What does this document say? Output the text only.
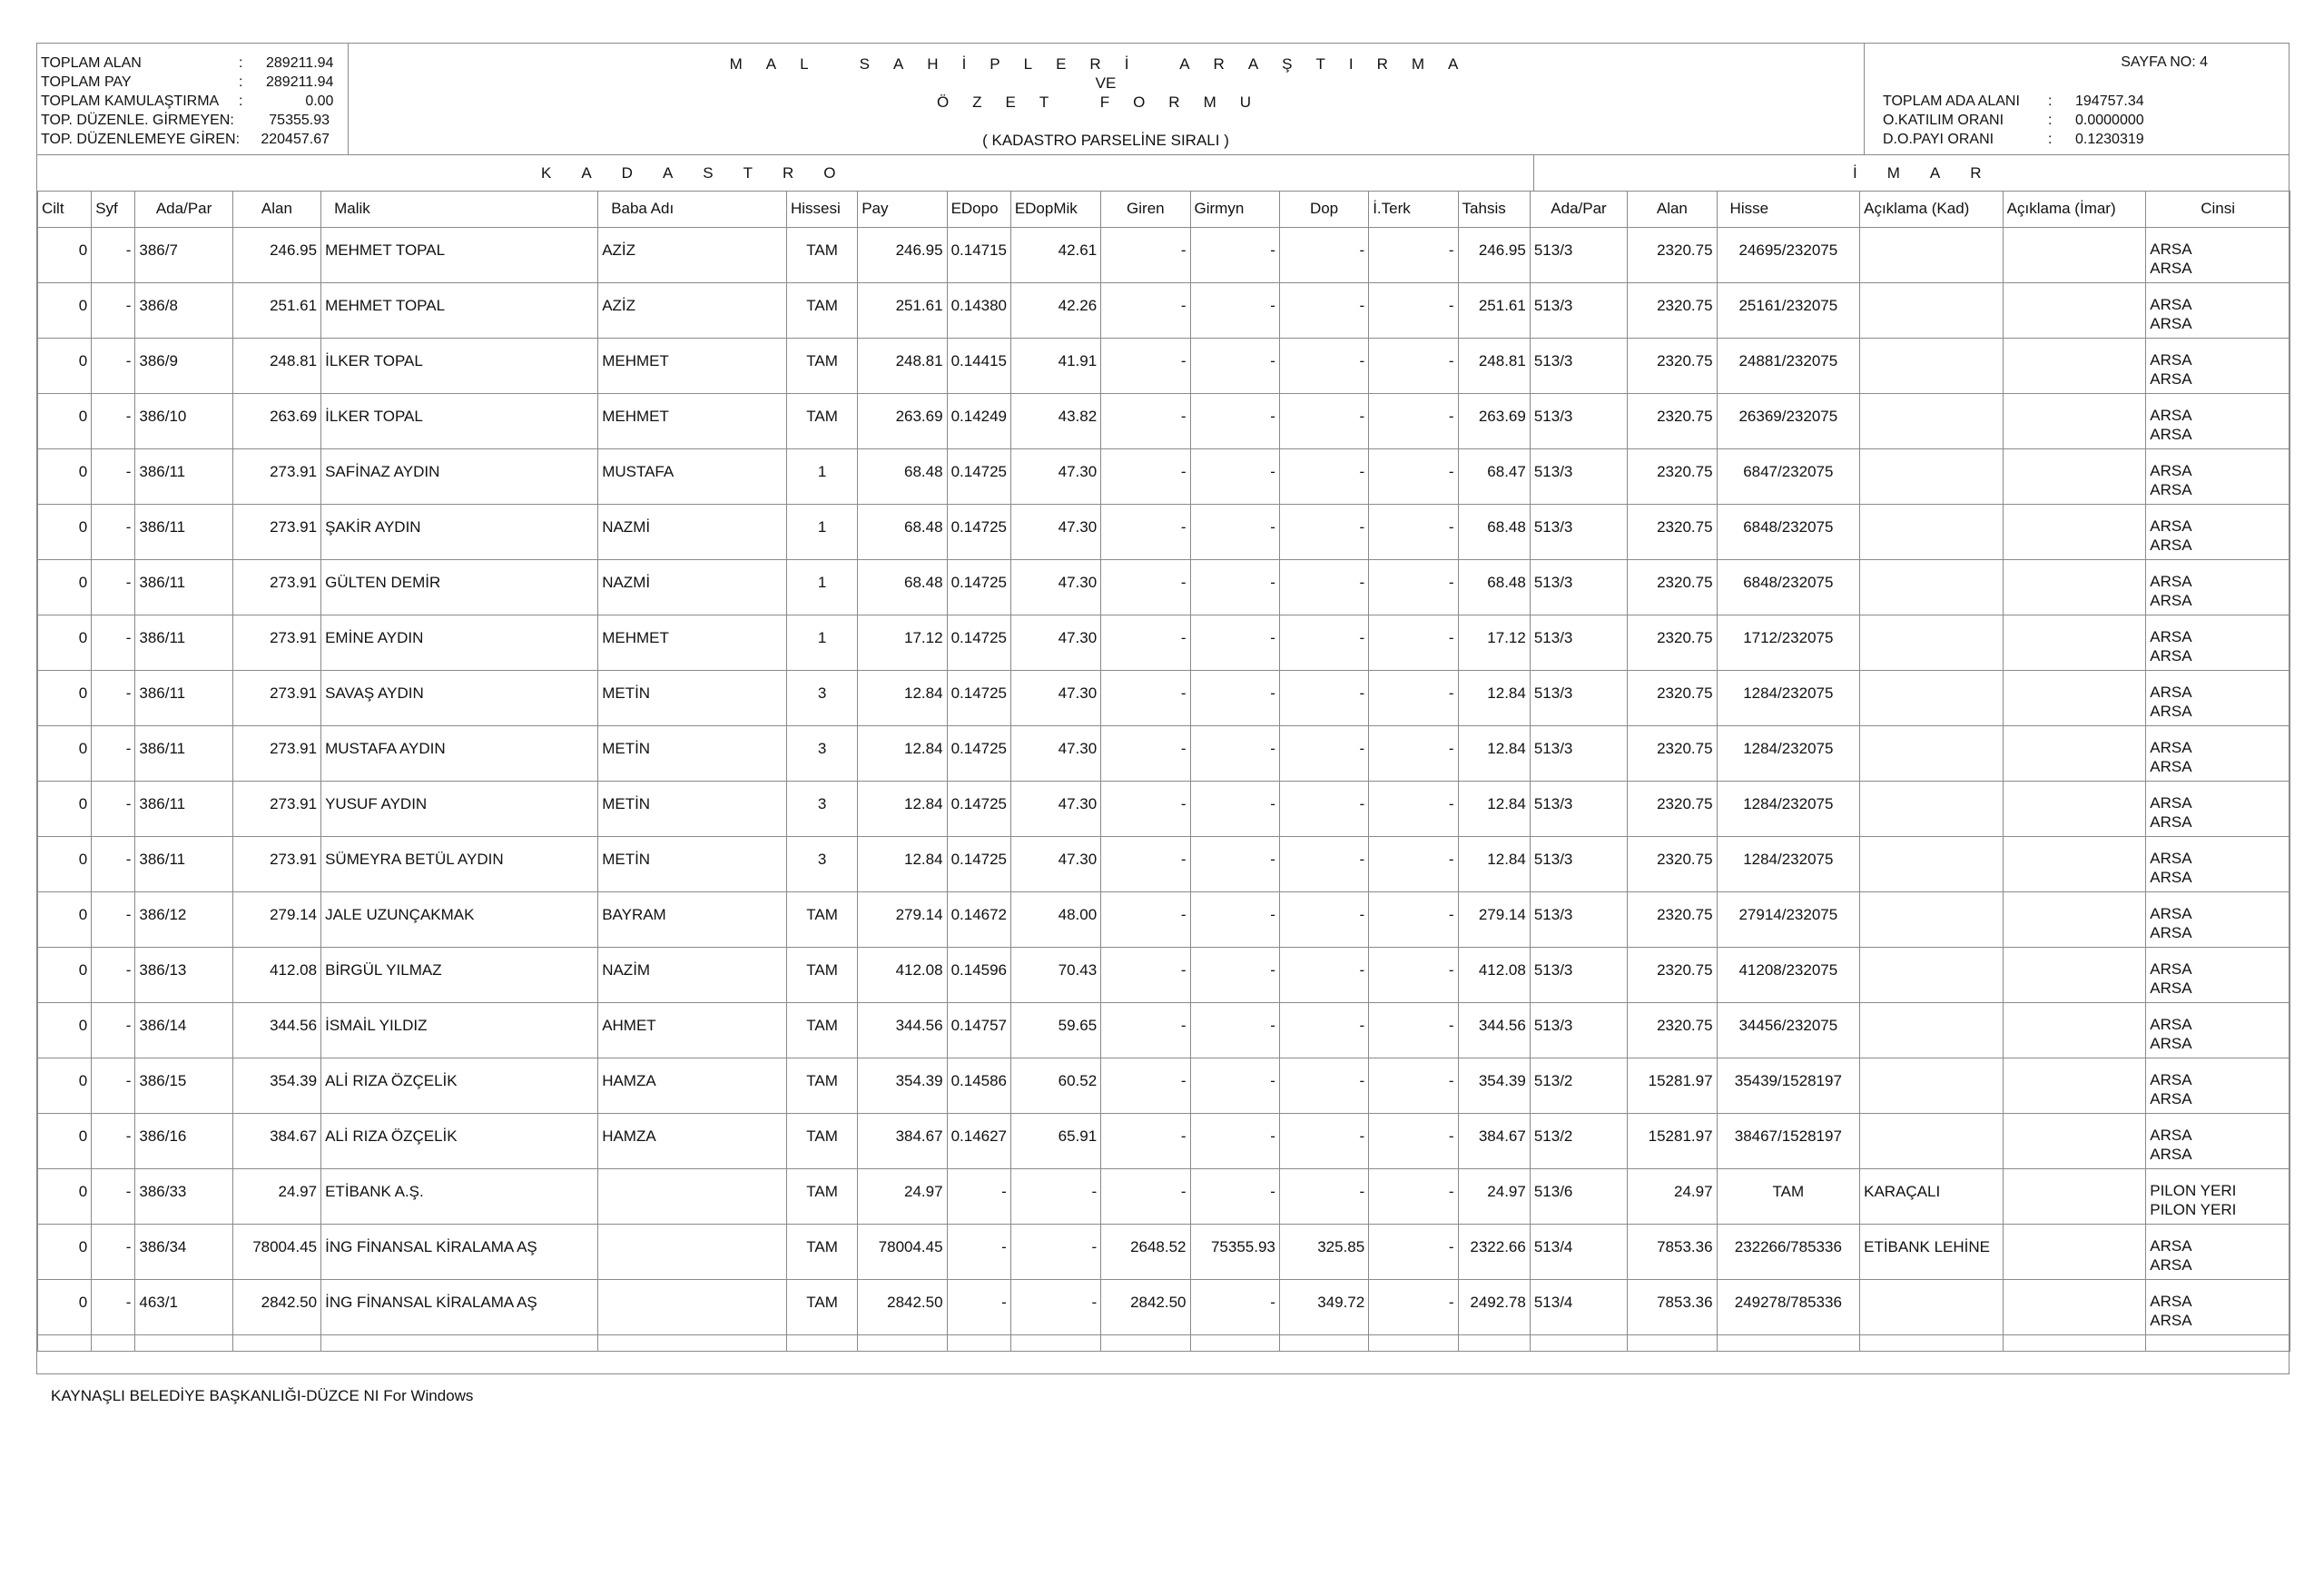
TOPLAM ALAN	: 289211.94
TOPLAM PAY	: 289211.94
TOPLAM KAMULAŞTIRMA :	0.00
TOP. DÜZENLE. GİRMEYEN: 75355.93
TOP. DÜZENLEMEYE GİREN: 220457.67
MAL SAHİPLERİ ARAŞTIRMA
VE
ÖZET FORMU
( KADASTRO PARSELİNE SIRALI )
SAYFA NO: 4
TOPLAM ADA ALANI : 194757.34
O.KATILIM ORANI	: 0.0000000
D.O.PAYI ORANI	: 0.1230319
KADASTRO	İMAR
Cilt	Syf	Ada/Par	Alan	Malik	Baba Adı	Hissesi	Pay	EDopo	EDopMik	Giren	Girmyn	Dop	İ.Terk	Tahsis	Ada/Par	Alan	Hisse	Açıklama (Kad)	Açıklama (İmar)	Cinsi
0	-	386/7	246.95	MEHMET TOPAL	AZİZ	TAM	246.95	0.14715	42.61	-	-	-	-	246.95	513/3	2320.75	24695/232075			ARSA
ARSA

0	-	386/8	251.61	MEHMET TOPAL	AZİZ	TAM	251.61	0.14380	42.26	-	-	-	-	251.61	513/3	2320.75	25161/232075			ARSA
ARSA

0	-	386/9	248.81	İLKER TOPAL	MEHMET	TAM	248.81	0.14415	41.91	-	-	-	-	248.81	513/3	2320.75	24881/232075			ARSA
ARSA

0	-	386/10	263.69	İLKER TOPAL	MEHMET	TAM	263.69	0.14249	43.82	-	-	-	-	263.69	513/3	2320.75	26369/232075			ARSA
ARSA

0	-	386/11	273.91	SAFİNAZ AYDIN	MUSTAFA	1	68.48	0.14725	47.30	-	-	-	-	68.47	513/3	2320.75	6847/232075			ARSA
ARSA

0	-	386/11	273.91	ŞAKİR AYDIN	NAZMİ	1	68.48	0.14725	47.30	-	-	-	-	68.48	513/3	2320.75	6848/232075			ARSA
ARSA

0	-	386/11	273.91	GÜLTEN DEMİR	NAZMİ	1	68.48	0.14725	47.30	-	-	-	-	68.48	513/3	2320.75	6848/232075			ARSA
ARSA

0	-	386/11	273.91	EMİNE AYDIN	MEHMET	1	17.12	0.14725	47.30	-	-	-	-	17.12	513/3	2320.75	1712/232075			ARSA
ARSA

0	-	386/11	273.91	SAVAŞ AYDIN	METİN	3	12.84	0.14725	47.30	-	-	-	-	12.84	513/3	2320.75	1284/232075			ARSA
ARSA

0	-	386/11	273.91	MUSTAFA AYDIN	METİN	3	12.84	0.14725	47.30	-	-	-	-	12.84	513/3	2320.75	1284/232075			ARSA
ARSA

0	-	386/11	273.91	YUSUF AYDIN	METİN	3	12.84	0.14725	47.30	-	-	-	-	12.84	513/3	2320.75	1284/232075			ARSA
ARSA

0	-	386/11	273.91	SÜMEYRA BETÜL AYDIN	METİN	3	12.84	0.14725	47.30	-	-	-	-	12.84	513/3	2320.75	1284/232075			ARSA
ARSA

0	-	386/12	279.14	JALE UZUNÇAKMAK	BAYRAM	TAM	279.14	0.14672	48.00	-	-	-	-	279.14	513/3	2320.75	27914/232075			ARSA
ARSA

0	-	386/13	412.08	BİRGÜL YILMAZ	NAZİM	TAM	412.08	0.14596	70.43	-	-	-	-	412.08	513/3	2320.75	41208/232075			ARSA
ARSA

0	-	386/14	344.56	İSMAİL YILDIZ	AHMET	TAM	344.56	0.14757	59.65	-	-	-	-	344.56	513/3	2320.75	34456/232075			ARSA
ARSA

0	-	386/15	354.39	ALİ RIZA ÖZÇELİK	HAMZA	TAM	354.39	0.14586	60.52	-	-	-	-	354.39	513/2	15281.97	35439/1528197			ARSA
ARSA

0	-	386/16	384.67	ALİ RIZA ÖZÇELİK	HAMZA	TAM	384.67	0.14627	65.91	-	-	-	-	384.67	513/2	15281.97	38467/1528197			ARSA
ARSA

0	-	386/33	24.97	ETİBANK A.Ş.		TAM	24.97	-	-	-	-	-	-	24.97	513/6	24.97	TAM	KARAÇALI		PILON YERI
PILON YERI

0	-	386/34	78004.45	İNG FİNANSAL KİRALAMA AŞ		TAM	78004.45	-	-	2648.52	75355.93	325.85	-	2322.66	513/4	7853.36	232266/785336	ETİBANK LEHİNE		ARSA
ARSA

0	-	463/1	2842.50	İNG FİNANSAL KİRALAMA AŞ		TAM	2842.50	-	-	2842.50	-	349.72	-	2492.78	513/4	7853.36	249278/785336			ARSA
ARSA

KAYNAŞLI BELEDİYE BAŞKANLIĞI-DÜZCE NI For Windows
